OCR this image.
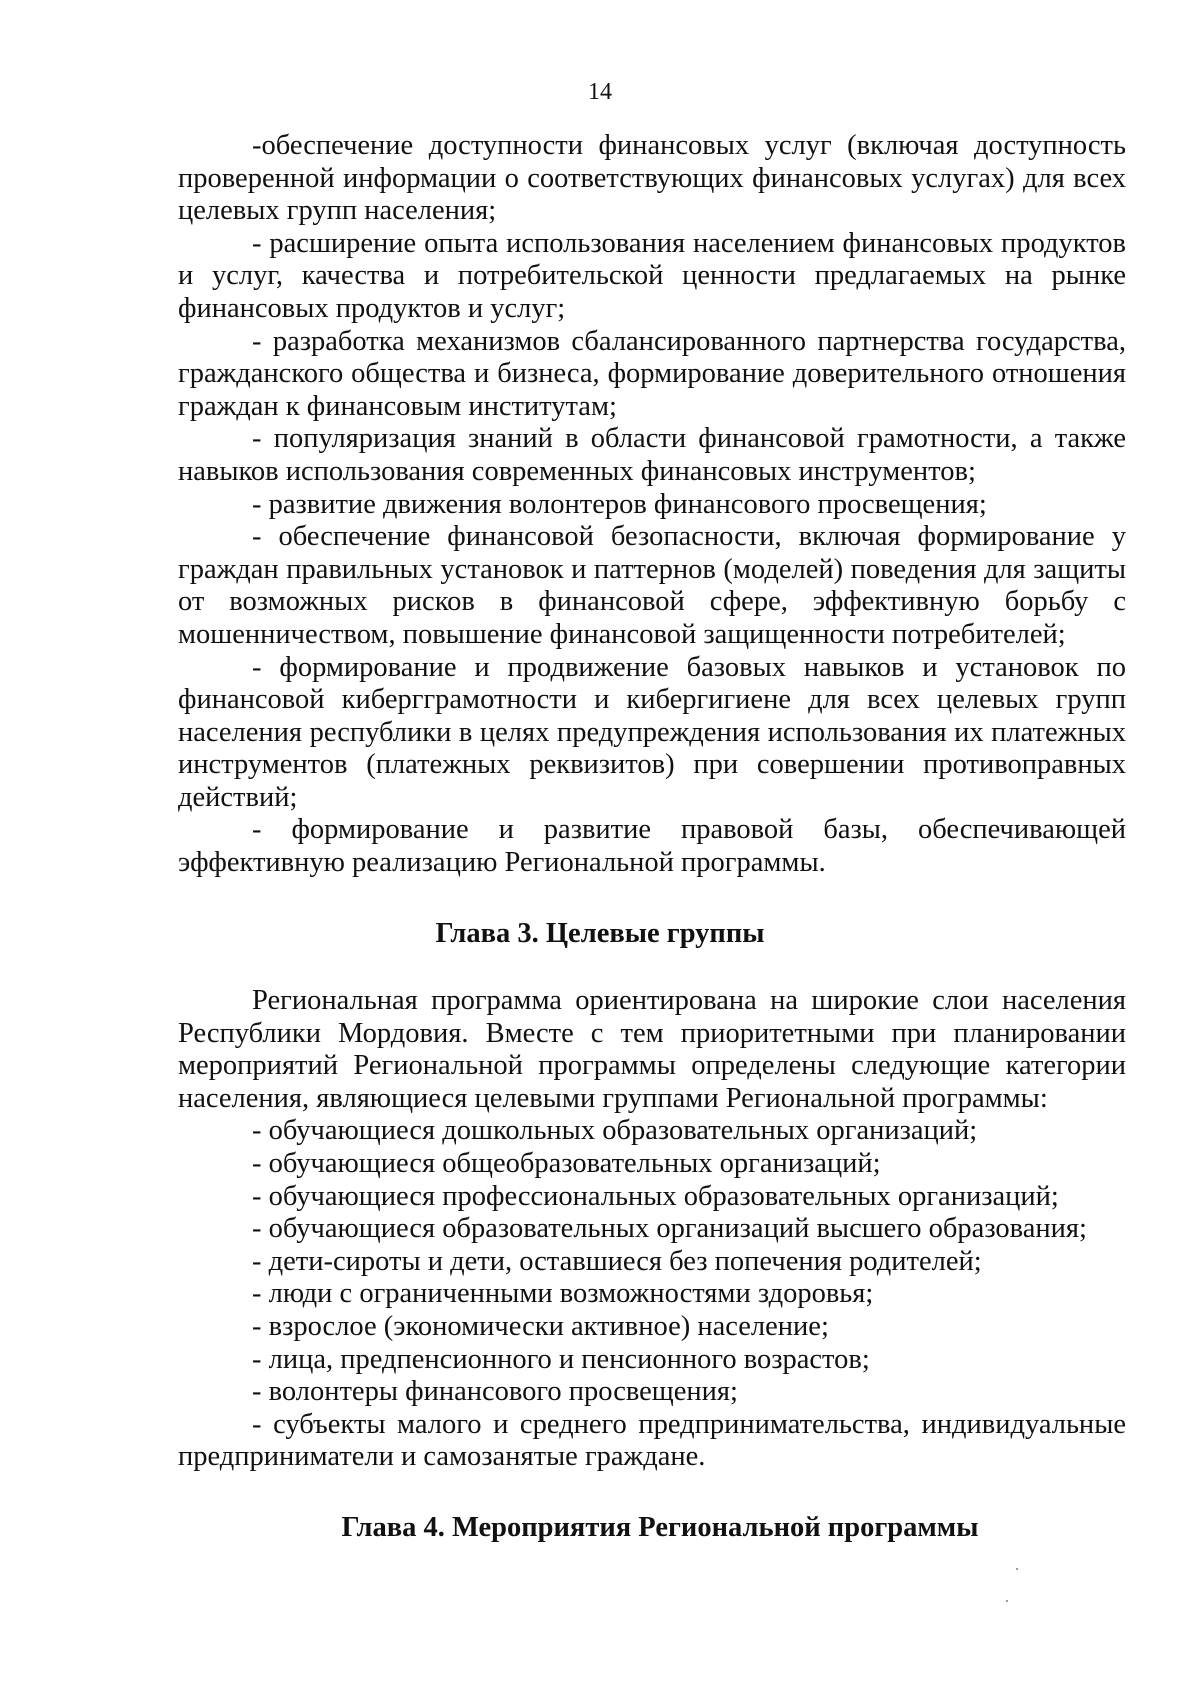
14

-обеспечение доступности финансовых услуг (включая доступность проверенной информации о соответствующих финансовых услугах) для всех целевых групп населения;

- расширение опыта использования населением финансовых продуктов и услуг, качества и потребительской ценности предлагаемых на рынке финансовых продуктов и услуг;

- разработка механизмов сбалансированного партнерства государства, гражданского общества и бизнеса, формирование доверительного отношения граждан к финансовым институтам;

- популяризация знаний в области финансовой грамотности, а также навыков использования современных финансовых инструментов;

- развитие движения волонтеров финансового просвещения;

- обеспечение финансовой безопасности, включая формирование у граждан правильных установок и паттернов (моделей) поведения для защиты от возможных рисков в финансовой сфере, эффективную борьбу с мошенничеством, повышение финансовой защищенности потребителей;

- формирование и продвижение базовых навыков и установок по финансовой кибергграмотности и кибергигиене для всех целевых групп населения республики в целях предупреждения использования их платежных инструментов (платежных реквизитов) при совершении противоправных действий;

- формирование и развитие правовой базы, обеспечивающей эффективную реализацию Региональной программы.

Глава 3. Целевые группы

Региональная программа ориентирована на широкие слои населения Республики Мордовия. Вместе с тем приоритетными при планировании мероприятий Региональной программы определены следующие категории населения, являющиеся целевыми группами Региональной программы:

- обучающиеся дошкольных образовательных организаций;

- обучающиеся общеобразовательных организаций;

- обучающиеся профессиональных образовательных организаций;

- обучающиеся образовательных организаций высшего образования;

- дети-сироты и дети, оставшиеся без попечения родителей;

- люди с ограниченными возможностями здоровья;

- взрослое (экономически активное) население;

- лица, предпенсионного и пенсионного возрастов;

- волонтеры финансового просвещения;

- субъекты малого и среднего предпринимательства, индивидуальные предприниматели и самозанятые граждане.

Глава 4. Мероприятия Региональной программы
